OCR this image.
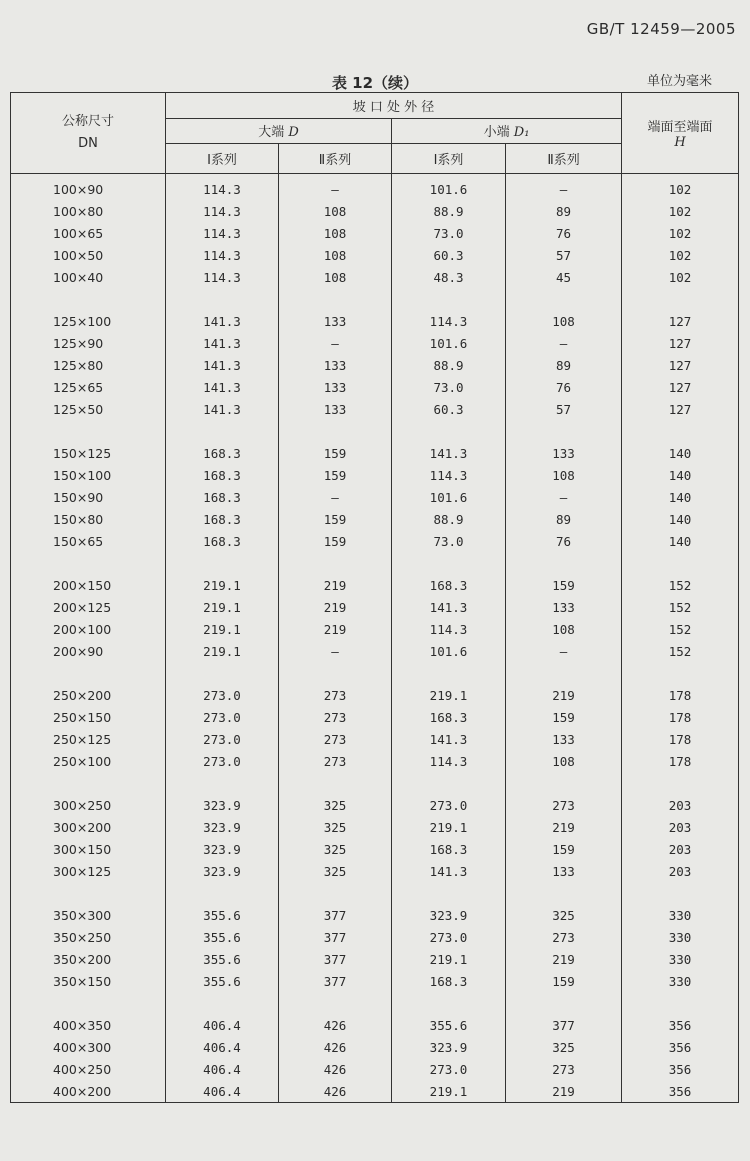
GB/T 12459—2005
表 12（续）	单位为毫米
公称尺寸
DN	坡 口 处 外 径				端面至端面
H
	大端 D		小端 D₁		
	Ⅰ系列	Ⅱ系列	Ⅰ系列	Ⅱ系列	
100×90	114.3	—	101.6	—	102
100×80	114.3	108	88.9	89	102
100×65	114.3	108	73.0	76	102
100×50	114.3	108	60.3	57	102
100×40	114.3	108	48.3	45	102

125×100	141.3	133	114.3	108	127
125×90	141.3	—	101.6	—	127
125×80	141.3	133	88.9	89	127
125×65	141.3	133	73.0	76	127
125×50	141.3	133	60.3	57	127

150×125	168.3	159	141.3	133	140
150×100	168.3	159	114.3	108	140
150×90	168.3	—	101.6	—	140
150×80	168.3	159	88.9	89	140
150×65	168.3	159	73.0	76	140

200×150	219.1	219	168.3	159	152
200×125	219.1	219	141.3	133	152
200×100	219.1	219	114.3	108	152
200×90	219.1	—	101.6	—	152

250×200	273.0	273	219.1	219	178
250×150	273.0	273	168.3	159	178
250×125	273.0	273	141.3	133	178
250×100	273.0	273	114.3	108	178

300×250	323.9	325	273.0	273	203
300×200	323.9	325	219.1	219	203
300×150	323.9	325	168.3	159	203
300×125	323.9	325	141.3	133	203

350×300	355.6	377	323.9	325	330
350×250	355.6	377	273.0	273	330
350×200	355.6	377	219.1	219	330
350×150	355.6	377	168.3	159	330

400×350	406.4	426	355.6	377	356
400×300	406.4	426	323.9	325	356
400×250	406.4	426	273.0	273	356
400×200	406.4	426	219.1	219	356
